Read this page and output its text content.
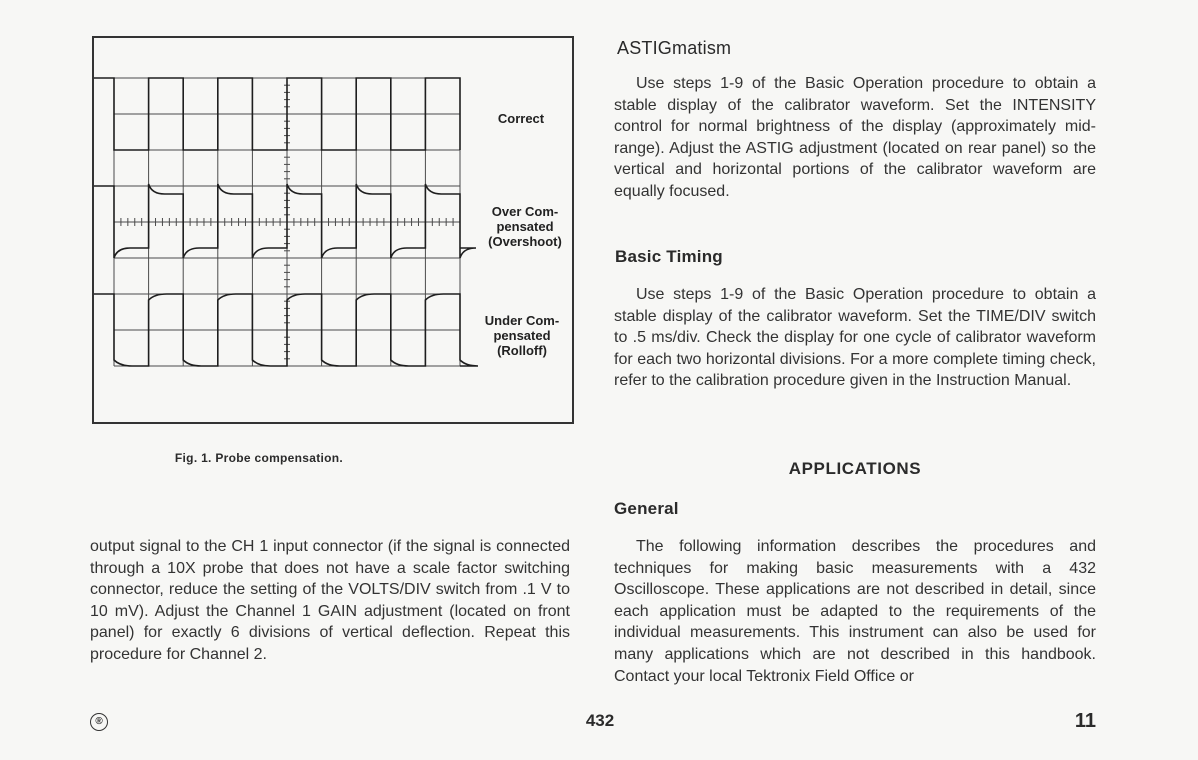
Correct
Over Com-
pensated
(Overshoot)
Under Com-
pensated
(Rolloff)
Fig. 1. Probe compensation.

output signal to the CH 1 input connector (if the signal is connected through a 10X probe that does not have a scale factor switching connector, reduce the setting of the VOLTS/DIV switch from .1 V to 10 mV). Adjust the Channel 1 GAIN adjustment (located on front panel) for exactly 6 divisions of vertical deflection. Repeat this procedure for Channel 2.

ASTIGmatism

Use steps 1-9 of the Basic Operation procedure to obtain a stable display of the calibrator waveform. Set the INTENSITY control for normal brightness of the display (approximately mid-range). Adjust the ASTIG adjustment (located on rear panel) so the vertical and horizontal portions of the calibrator waveform are equally focused.

Basic Timing

Use steps 1-9 of the Basic Operation procedure to obtain a stable display of the calibrator waveform. Set the TIME/DIV switch to .5 ms/div. Check the display for one cycle of calibrator waveform for each two horizontal divisions. For a more complete timing check, refer to the calibration procedure given in the Instruction Manual.

APPLICATIONS
General

The following information describes the procedures and techniques for making basic measurements with a 432 Oscilloscope. These applications are not described in detail, since each application must be adapted to the requirements of the individual measurements. This instrument can also be used for many applications which are not described in this handbook. Contact your local Tektronix Field Office or

®	432	11
